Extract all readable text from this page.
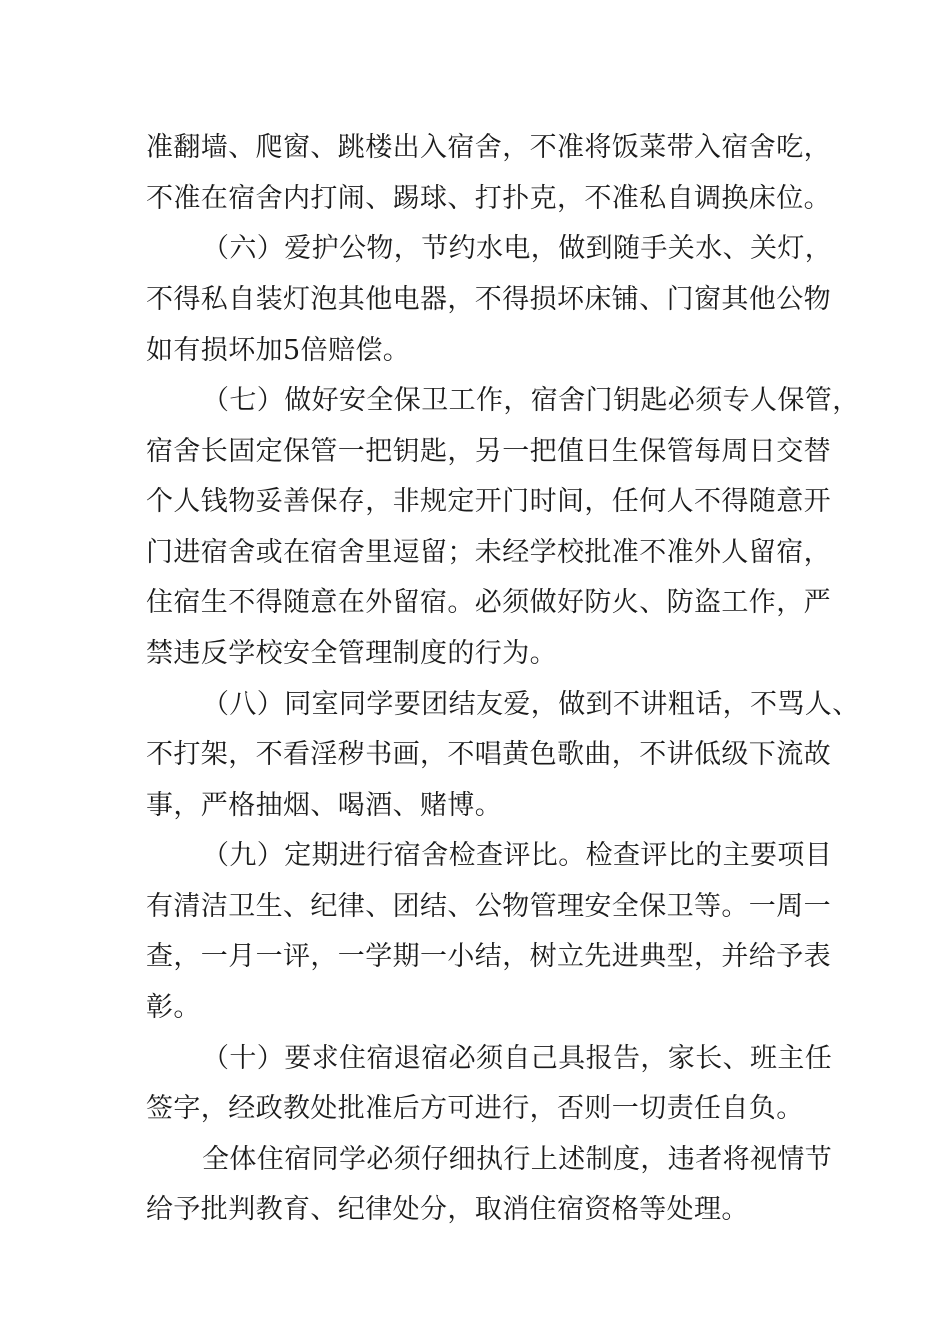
准翻墙、爬窗、跳楼出入宿舍，不准将饭菜带入宿舍吃，
不准在宿舍内打闹、踢球、打扑克，不准私自调换床位。
（六）爱护公物，节约水电，做到随手关水、关灯，
不得私自装灯泡其他电器，不得损坏床铺、门窗其他公物
如有损坏加5倍赔偿。
（七）做好安全保卫工作，宿舍门钥匙必须专人保管，
宿舍长固定保管一把钥匙，另一把值日生保管每周日交替
个人钱物妥善保存，非规定开门时间，任何人不得随意开
门进宿舍或在宿舍里逗留；未经学校批准不准外人留宿，
住宿生不得随意在外留宿。必须做好防火、防盗工作，严
禁违反学校安全管理制度的行为。
（八）同室同学要团结友爱，做到不讲粗话，不骂人、
不打架，不看淫秽书画，不唱黄色歌曲，不讲低级下流故
事，严格抽烟、喝酒、赌博。
（九）定期进行宿舍检查评比。检查评比的主要项目
有清洁卫生、纪律、团结、公物管理安全保卫等。一周一
查，一月一评，一学期一小结，树立先进典型，并给予表
彰。
（十）要求住宿退宿必须自己具报告，家长、班主任
签字，经政教处批准后方可进行，否则一切责任自负。
全体住宿同学必须仔细执行上述制度，违者将视情节
给予批判教育、纪律处分，取消住宿资格等处理。
